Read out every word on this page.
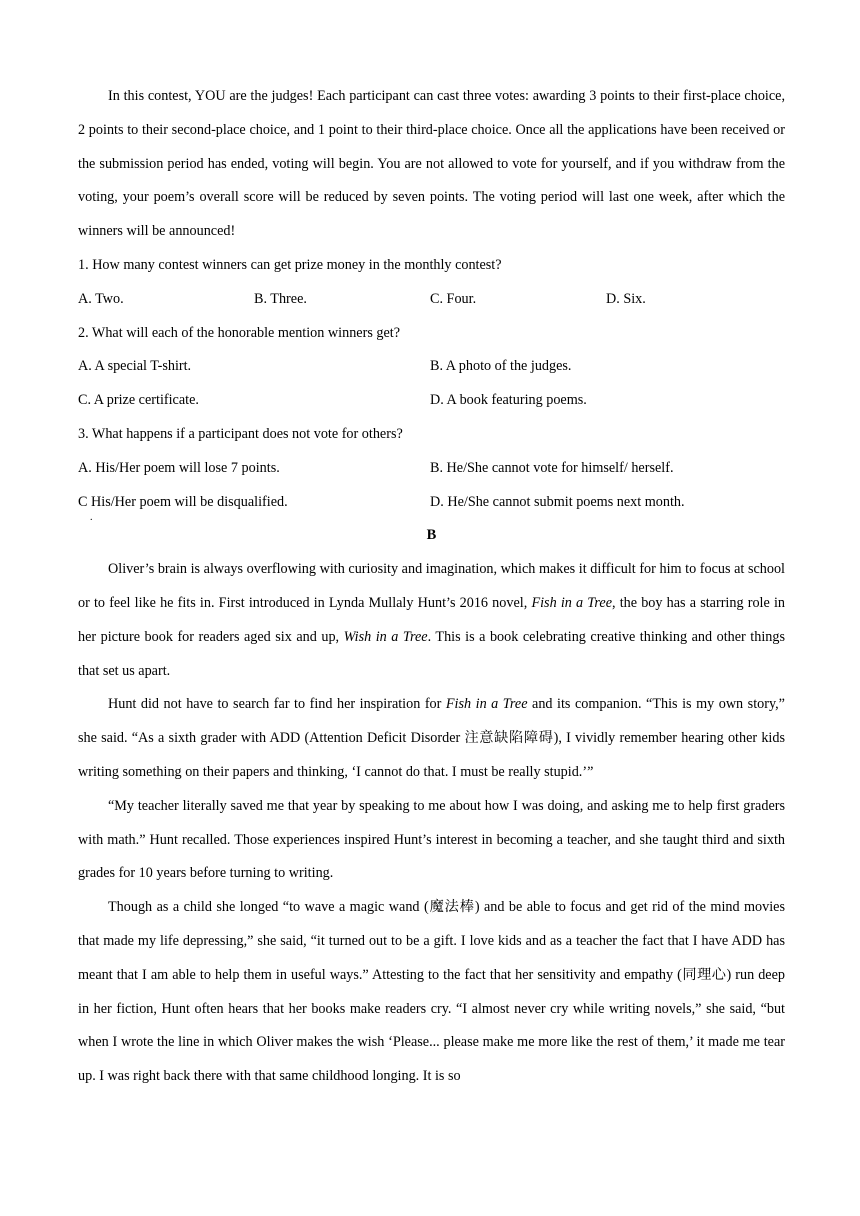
In this contest, YOU are the judges! Each participant can cast three votes: awarding 3 points to their first-place choice, 2 points to their second-place choice, and 1 point to their third-place choice. Once all the applications have been received or the submission period has ended, voting will begin. You are not allowed to vote for yourself, and if you withdraw from the voting, your poem’s overall score will be reduced by seven points. The voting period will last one week, after which the winners will be announced!

1. How many contest winners can get prize money in the monthly contest?
A. Two.	B. Three.	C. Four.	D. Six.
2. What will each of the honorable mention winners get?
A. A special T-shirt.	B. A photo of the judges.
C. A prize certificate.	D. A book featuring poems.
3. What happens if a participant does not vote for others?
A. His/Her poem will lose 7 points.	B. He/She cannot vote for himself/ herself.
C His/Her poem will be disqualified.	D. He/She cannot submit poems next month.

B

Oliver’s brain is always overflowing with curiosity and imagination, which makes it difficult for him to focus at school or to feel like he fits in. First introduced in Lynda Mullaly Hunt’s 2016 novel, Fish in a Tree, the boy has a starring role in her picture book for readers aged six and up, Wish in a Tree. This is a book celebrating creative thinking and other things that set us apart.

Hunt did not have to search far to find her inspiration for Fish in a Tree and its companion. “This is my own story,” she said. “As a sixth grader with ADD (Attention Deficit Disorder 注意缺陷障碍), I vividly remember hearing other kids writing something on their papers and thinking, ‘I cannot do that. I must be really stupid.’”

“My teacher literally saved me that year by speaking to me about how I was doing, and asking me to help first graders with math.” Hunt recalled. Those experiences inspired Hunt’s interest in becoming a teacher, and she taught third and sixth grades for 10 years before turning to writing.

Though as a child she longed “to wave a magic wand (魔法棒) and be able to focus and get rid of the mind movies that made my life depressing,” she said, “it turned out to be a gift. I love kids and as a teacher the fact that I have ADD has meant that I am able to help them in useful ways.” Attesting to the fact that her sensitivity and empathy (同理心) run deep in her fiction, Hunt often hears that her books make readers cry. “I almost never cry while writing novels,” she said, “but when I wrote the line in which Oliver makes the wish ‘Please... please make me more like the rest of them,’ it made me tear up. I was right back there with that same childhood longing. It is so

.
